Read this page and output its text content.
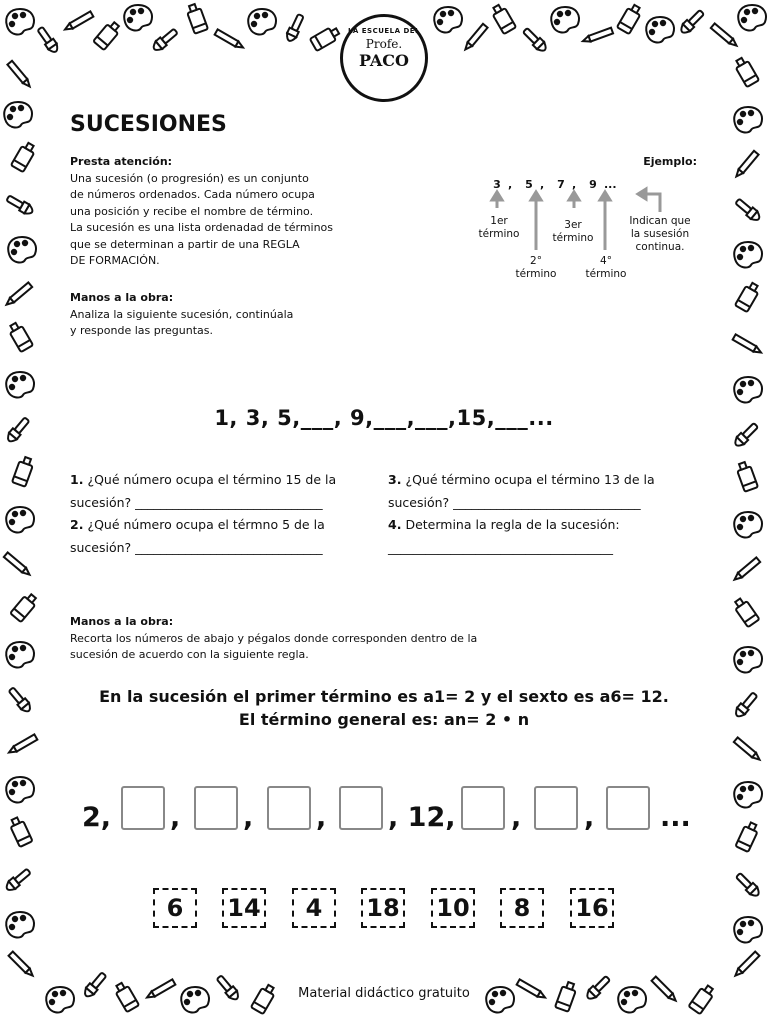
LA ESCUELA DEL
Profe.
PACO
SUCESIONES
Presta atención:
Una sucesión (o progresión) es un conjunto
de números ordenados. Cada número ocupa
una posición y recibe el nombre de término.
La sucesión es una lista ordenadad de términos
que se determinan a partir de una REGLA
DE FORMACIÓN.
Manos a la obra:
Analiza la siguiente sucesión, continúala
y responde las preguntas.
Ejemplo:
3 , 5 , 7 , 9 ...
1er
término
2°
término
3er
término
4°
término
Indican que
la susesión
continua.
1, 3, 5,___, 9,___,___,15,___...
1. ¿Qué número ocupa el término 15 de la
sucesión? ______________________________
2. ¿Qué número ocupa el térmno 5 de la
sucesión? ______________________________
3. ¿Qué término ocupa el término 13 de la
sucesión? ______________________________
4. Determina la regla de la sucesión:
____________________________________
Manos a la obra:
Recorta los números de abajo y pégalos donde corresponden dentro de la
sucesión de acuerdo con la siguiente regla.
En la sucesión el primer término es a1= 2 y el sexto es a6= 12.
El término general es: an= 2 • n
2, , , , , 12, , , ...
6	14	4	18 10	8	16
Material didáctico gratuito
